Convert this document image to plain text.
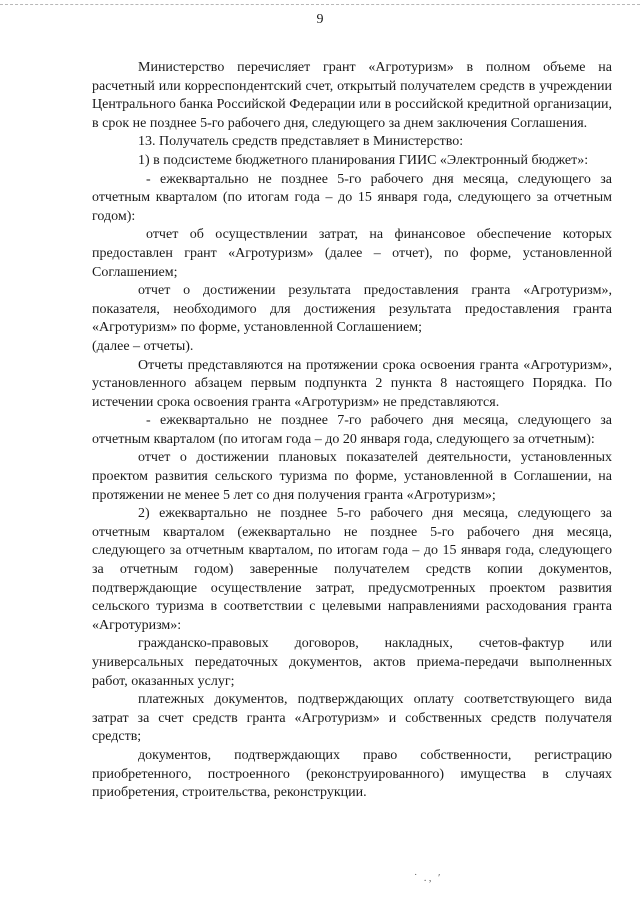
9

Министерство перечисляет грант «Агротуризм» в полном объеме на расчетный или корреспондентский счет, открытый получателем средств в учреждении Центрального банка Российской Федерации или в российской кредитной организации, в срок не позднее 5-го рабочего дня, следующего за днем заключения Соглашения.

13. Получатель средств представляет в Министерство:

1) в подсистеме бюджетного планирования ГИИС «Электронный бюджет»:

- ежеквартально не позднее 5-го рабочего дня месяца, следующего за отчетным кварталом (по итогам года – до 15 января года, следующего за отчетным годом):

отчет об осуществлении затрат, на финансовое обеспечение которых предоставлен грант «Агротуризм» (далее – отчет), по форме, установленной Соглашением;

отчет о достижении результата предоставления гранта «Агротуризм», показателя, необходимого для достижения результата предоставления гранта «Агротуризм» по форме, установленной Соглашением;

(далее – отчеты).

Отчеты представляются на протяжении срока освоения гранта «Агротуризм», установленного абзацем первым подпункта 2 пункта 8 настоящего Порядка. По истечении срока освоения гранта «Агротуризм» не представляются.

- ежеквартально не позднее 7-го рабочего дня месяца, следующего за отчетным кварталом (по итогам года – до 20 января года, следующего за отчетным):

отчет о достижении плановых показателей деятельности, установленных проектом развития сельского туризма по форме, установленной в Соглашении, на протяжении не менее 5 лет со дня получения гранта «Агротуризм»;

2) ежеквартально не позднее 5-го рабочего дня месяца, следующего за отчетным кварталом (ежеквартально не позднее 5-го рабочего дня месяца, следующего за отчетным кварталом, по итогам года – до 15 января года, следующего за отчетным годом) заверенные получателем средств копии документов, подтверждающие осуществление затрат, предусмотренных проектом развития сельского туризма в соответствии с целевыми направлениями расходования гранта «Агротуризм»:

гражданско-правовых договоров, накладных, счетов-фактур или универсальных передаточных документов, актов приема-передачи выполненных работ, оказанных услуг;

платежных документов, подтверждающих оплату соответствующего вида затрат за счет средств гранта «Агротуризм» и собственных средств получателя средств;

документов, подтверждающих право собственности, регистрацию приобретенного, построенного (реконструированного) имущества в случаях приобретения, строительства, реконструкции.

˙ .‚ ′
